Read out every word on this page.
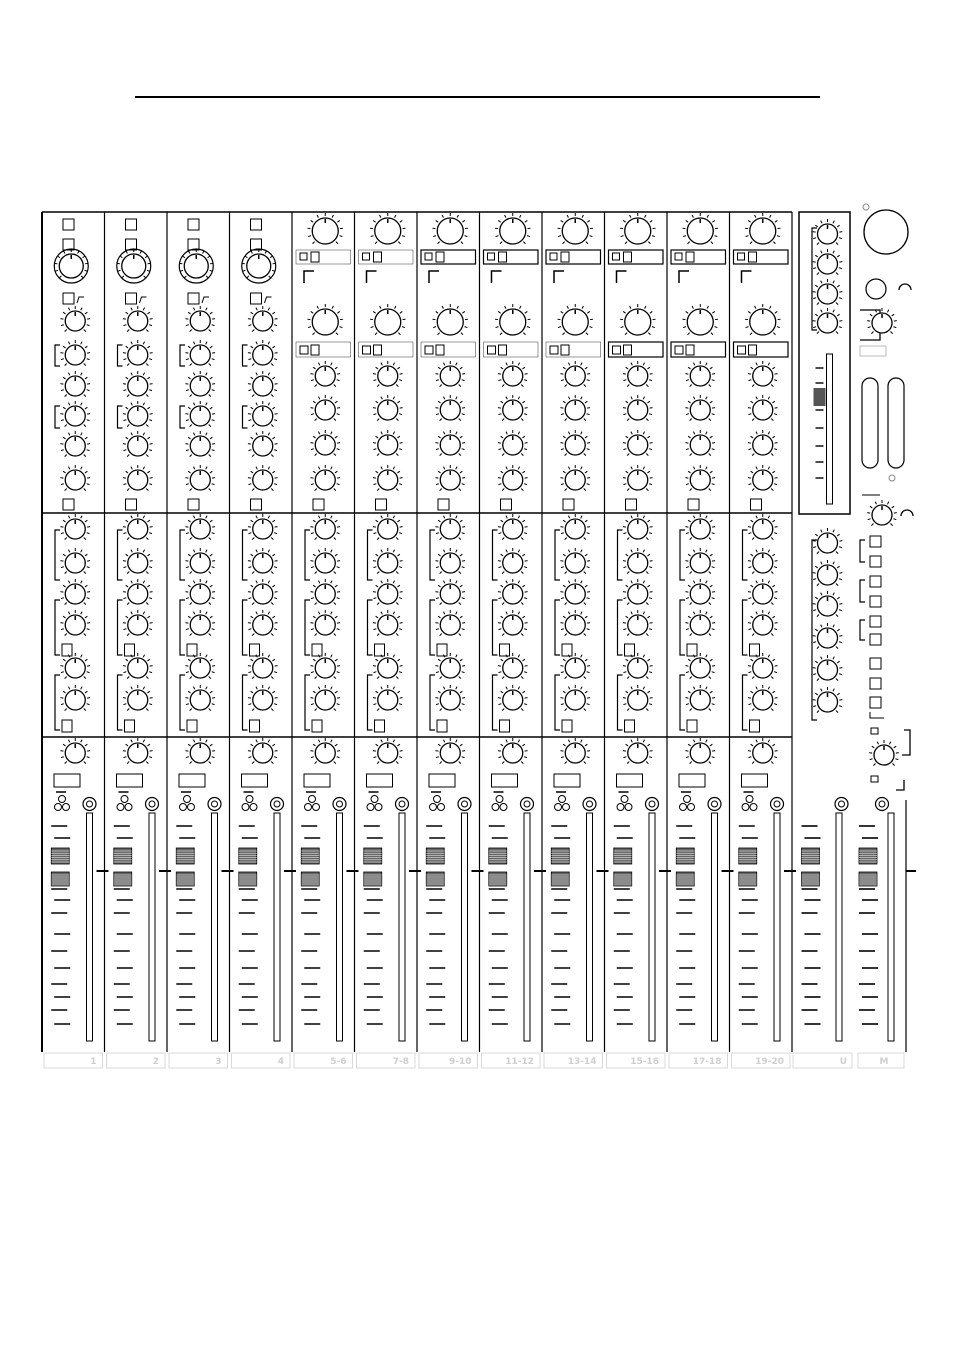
U	M
1	2	3	4	5-6	7-8	9-10	11-12	13-14	15-16	17-18	19-20
